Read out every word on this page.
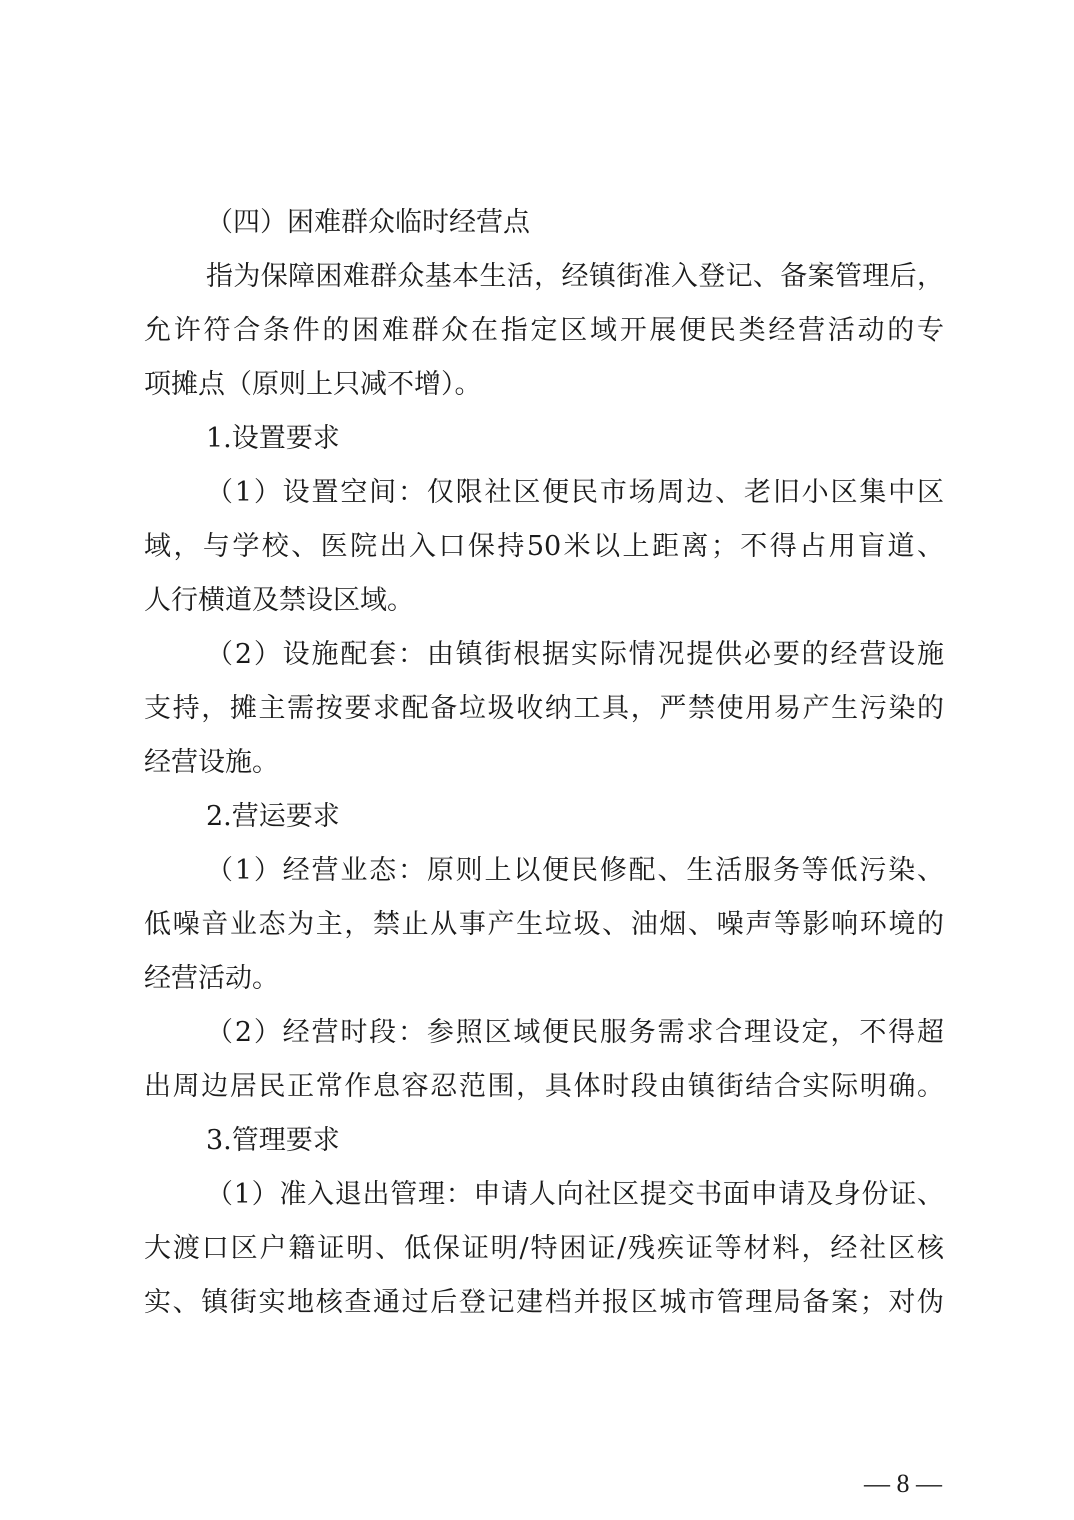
（四）困难群众临时经营点
指为保障困难群众基本生活，经镇街准入登记、备案管理后，
允许符合条件的困难群众在指定区域开展便民类经营活动的专
项摊点（原则上只减不增）。
1.设置要求
（1）设置空间：仅限社区便民市场周边、老旧小区集中区
域，与学校、医院出入口保持50米以上距离；不得占用盲道、
人行横道及禁设区域。
（2）设施配套：由镇街根据实际情况提供必要的经营设施
支持，摊主需按要求配备垃圾收纳工具，严禁使用易产生污染的
经营设施。
2.营运要求
（1）经营业态：原则上以便民修配、生活服务等低污染、
低噪音业态为主，禁止从事产生垃圾、油烟、噪声等影响环境的
经营活动。
（2）经营时段：参照区域便民服务需求合理设定，不得超
出周边居民正常作息容忍范围，具体时段由镇街结合实际明确。
3.管理要求
（1）准入退出管理：申请人向社区提交书面申请及身份证、
大渡口区户籍证明、低保证明/特困证/残疾证等材料，经社区核
实、镇街实地核查通过后登记建档并报区城市管理局备案；对伪
— 8 —
